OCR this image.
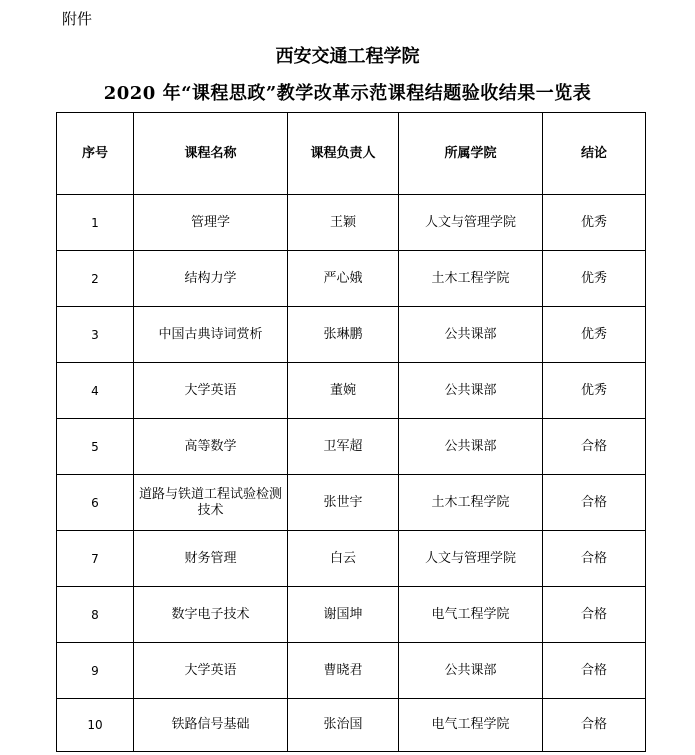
附件
西安交通工程学院
2020 年“课程思政”教学改革示范课程结题验收结果一览表
序号	课程名称	课程负责人	所属学院	结论
1	管理学	王颖	人文与管理学院	优秀
2	结构力学	严心娥	土木工程学院	优秀
3	中国古典诗词赏析	张琳鹏	公共课部	优秀
4	大学英语	董婉	公共课部	优秀
5	高等数学	卫军超	公共课部	合格
6	道路与铁道工程试验检测技术	张世宇	土木工程学院	合格
7	财务管理	白云	人文与管理学院	合格
8	数字电子技术	谢国坤	电气工程学院	合格
9	大学英语	曹晓君	公共课部	合格
10	铁路信号基础	张治国	电气工程学院	合格
